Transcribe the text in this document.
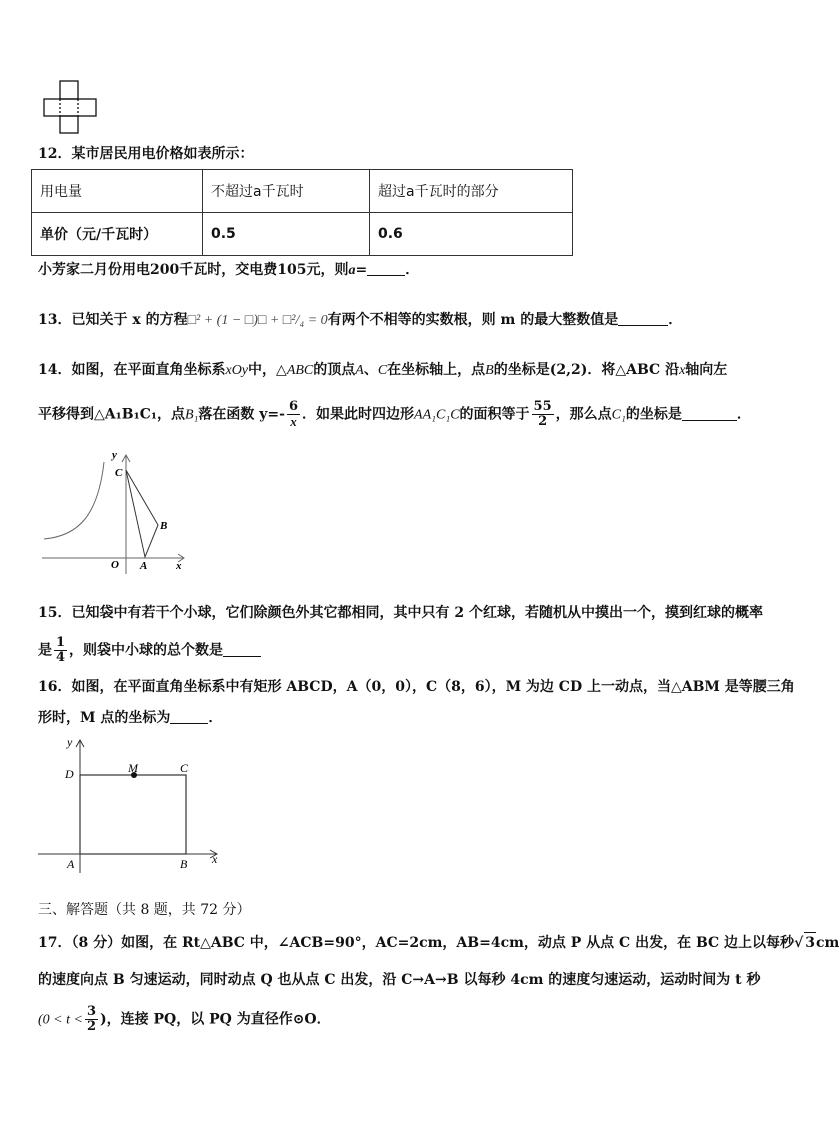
12．某市居民用电价格如表所示：
用电量	不超过a千瓦时	超过a千瓦时的部分
单价（元/千瓦时）	0.5	0.6
小芳家二月份用电200千瓦时，交电费105元，则a=	．
13．已知关于 x 的方程□² + (1 − □)□ + □²/₄ = 0有两个不相等的实数根，则 m 的最大整数值是	．
14．如图，在平面直角坐标系xOy中，△ABC的顶点A、C在坐标轴上，点B的坐标是(2,2)．将△ABC 沿x轴向左
平移得到△A₁B₁C₁，点B₁落在函数 $y=- \frac{6}{x}$ ．如果此时四边形AA₁C₁C的面积等于 $\frac{55}{2}$ ，那么点C₁的坐标是	．
y
C
B
O A	x
15．已知袋中有若干个小球，它们除颜色外其它都相同，其中只有 2 个红球，若随机从中摸出一个，摸到红球的概率
是 $\frac{1}{4}$ ，则袋中小球的总个数是
16．如图，在平面直角坐标系中有矩形 ABCD，A（0，0），C（8，6），M 为边 CD 上一动点，当△ABM 是等腰三角
形时，M 点的坐标为	．
y
D	M	C
A	B x
三、解答题（共 8 题，共 72 分）
17．（8 分）如图，在 Rt△ABC 中，∠ACB=90°，AC=2cm，AB=4cm，动点 P 从点 C 出发，在 BC 边上以每秒√ 3cm
的速度向点 B 匀速运动，同时动点 Q 也从点 C 出发，沿 C→A→B 以每秒 4cm 的速度匀速运动，运动时间为 t 秒
($0 < t < \frac{3}{2}$ )，连接 PQ，以 PQ 为直径作⊙O．
